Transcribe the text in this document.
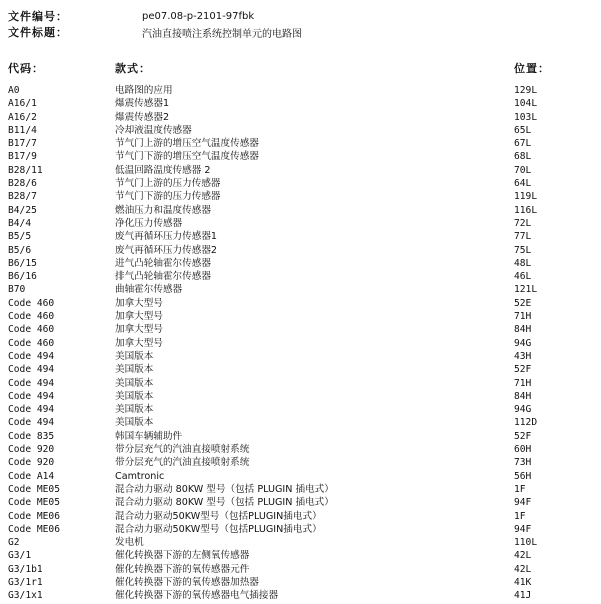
文件编号：	pe07.08-p-2101-97fbk
文件标题：	汽油直接喷注系统控制单元的电路图
代码：	款式：	位置：
A0	电路图的应用	129L
A16/1	爆震传感器1	104L
A16/2	爆震传感器2	103L
B11/4	冷却液温度传感器	65L
B17/7	节气门上游的增压空气温度传感器	67L
B17/9	节气门下游的增压空气温度传感器	68L
B28/11	低温回路温度传感器 2	70L
B28/6	节气门上游的压力传感器	64L
B28/7	节气门下游的压力传感器	119L
B4/25	燃油压力和温度传感器	116L
B4/4	净化压力传感器	72L
B5/5	废气再循环压力传感器1	77L
B5/6	废气再循环压力传感器2	75L
B6/15	进气凸轮轴霍尔传感器	48L
B6/16	排气凸轮轴霍尔传感器	46L
B70	曲轴霍尔传感器	121L
Code 460	加拿大型号	52E
Code 460	加拿大型号	71H
Code 460	加拿大型号	84H
Code 460	加拿大型号	94G
Code 494	美国版本	43H
Code 494	美国版本	52F
Code 494	美国版本	71H
Code 494	美国版本	84H
Code 494	美国版本	94G
Code 494	美国版本	112D
Code 835	韩国车辆辅助件	52F
Code 920	带分层充气的汽油直接喷射系统	60H
Code 920	带分层充气的汽油直接喷射系统	73H
Code A14	Camtronic	56H
Code ME05	混合动力驱动 80KW 型号（包括 PLUGIN 插电式）	1F
Code ME05	混合动力驱动 80KW 型号（包括 PLUGIN 插电式）	94F
Code ME06	混合动力驱动50KW型号（包括PLUGIN插电式）	1F
Code ME06	混合动力驱动50KW型号（包括PLUGIN插电式）	94F
G2	发电机	110L
G3/1	催化转换器下游的左侧氧传感器	42L
G3/1b1	催化转换器下游的氧传感器元件	42L
G3/1r1	催化转换器下游的氧传感器加热器	41K
G3/1x1	催化转换器下游的氧传感器电气插接器	41J
